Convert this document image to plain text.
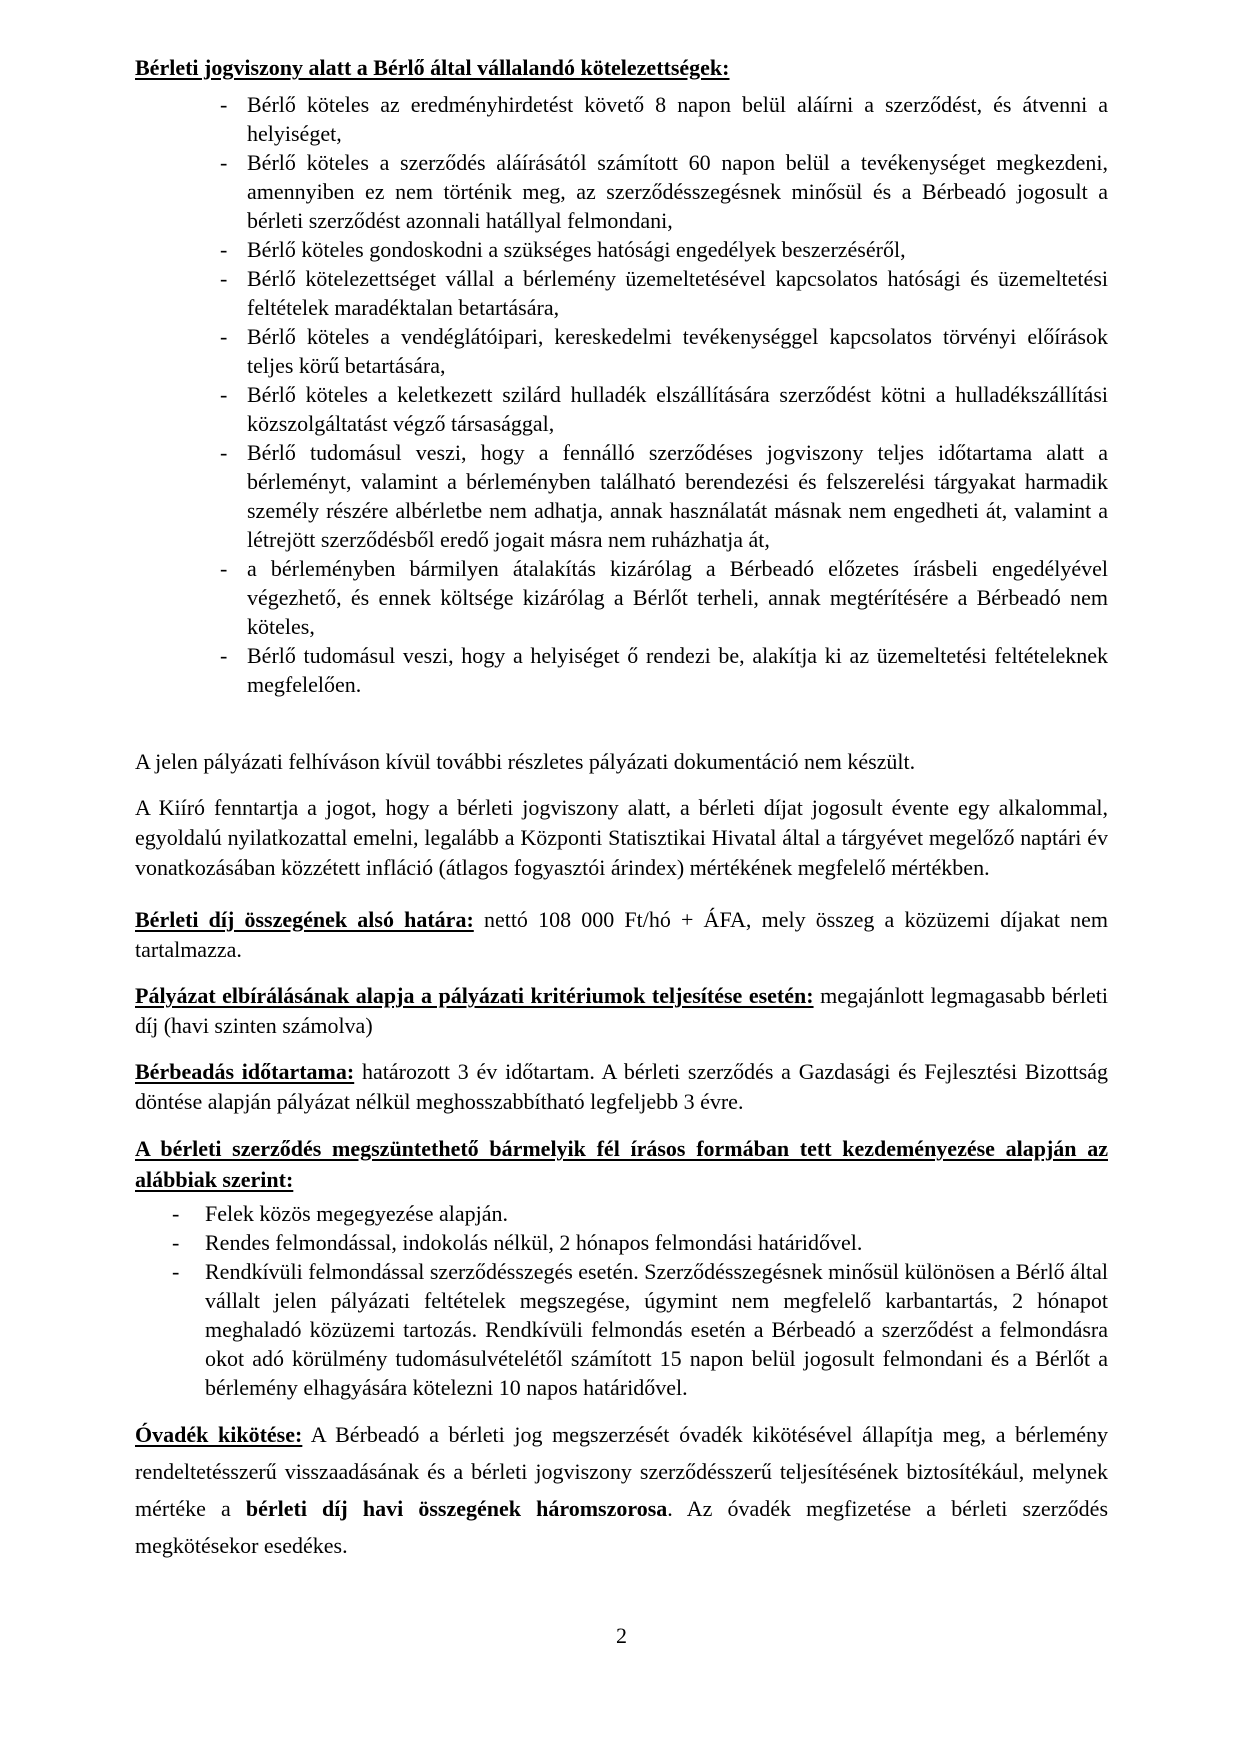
Bérleti jogviszony alatt a Bérlő által vállalandó kötelezettségek:
- Bérlő köteles az eredményhirdetést követő 8 napon belül aláírni a szerződést, és átvenni a helyiséget,
- Bérlő köteles a szerződés aláírásától számított 60 napon belül a tevékenységet megkezdeni, amennyiben ez nem történik meg, az szerződésszegésnek minősül és a Bérbeadó jogosult a bérleti szerződést azonnali hatállyal felmondani,
- Bérlő köteles gondoskodni a szükséges hatósági engedélyek beszerzéséről,
- Bérlő kötelezettséget vállal a bérlemény üzemeltetésével kapcsolatos hatósági és üzemeltetési feltételek maradéktalan betartására,
- Bérlő köteles a vendéglátóipari, kereskedelmi tevékenységgel kapcsolatos törvényi előírások teljes körű betartására,
- Bérlő köteles a keletkezett szilárd hulladék elszállítására szerződést kötni a hulladékszállítási közszolgáltatást végző társasággal,
- Bérlő tudomásul veszi, hogy a fennálló szerződéses jogviszony teljes időtartama alatt a bérleményt, valamint a bérleményben található berendezési és felszerelési tárgyakat harmadik személy részére albérletbe nem adhatja, annak használatát másnak nem engedheti át, valamint a létrejött szerződésből eredő jogait másra nem ruházhatja át,
- a bérleményben bármilyen átalakítás kizárólag a Bérbeadó előzetes írásbeli engedélyével végezhető, és ennek költsége kizárólag a Bérlőt terheli, annak megtérítésére a Bérbeadó nem köteles,
- Bérlő tudomásul veszi, hogy a helyiséget ő rendezi be, alakítja ki az üzemeltetési feltételeknek megfelelően.

A jelen pályázati felhíváson kívül további részletes pályázati dokumentáció nem készült.

A Kiíró fenntartja a jogot, hogy a bérleti jogviszony alatt, a bérleti díjat jogosult évente egy alkalommal, egyoldalú nyilatkozattal emelni, legalább a Központi Statisztikai Hivatal által a tárgyévet megelőző naptári év vonatkozásában közzétett infláció (átlagos fogyasztói árindex) mértékének megfelelő mértékben.

Bérleti díj összegének alsó határa: nettó 108 000 Ft/hó + ÁFA, mely összeg a közüzemi díjakat nem tartalmazza.

Pályázat elbírálásának alapja a pályázati kritériumok teljesítése esetén: megajánlott legmagasabb bérleti díj (havi szinten számolva)

Bérbeadás időtartama: határozott 3 év időtartam. A bérleti szerződés a Gazdasági és Fejlesztési Bizottság döntése alapján pályázat nélkül meghosszabbítható legfeljebb 3 évre.

A bérleti szerződés megszüntethető bármelyik fél írásos formában tett kezdeményezése alapján az alábbiak szerint:

- Felek közös megegyezése alapján.
- Rendes felmondással, indokolás nélkül, 2 hónapos felmondási határidővel.
- Rendkívüli felmondással szerződésszegés esetén. Szerződésszegésnek minősül különösen a Bérlő által vállalt jelen pályázati feltételek megszegése, úgymint nem megfelelő karbantartás, 2 hónapot meghaladó közüzemi tartozás. Rendkívüli felmondás esetén a Bérbeadó a szerződést a felmondásra okot adó körülmény tudomásulvételétől számított 15 napon belül jogosult felmondani és a Bérlőt a bérlemény elhagyására kötelezni 10 napos határidővel.

Óvadék kikötése: A Bérbeadó a bérleti jog megszerzését óvadék kikötésével állapítja meg, a bérlemény rendeltetésszerű visszaadásának és a bérleti jogviszony szerződésszerű teljesítésének biztosítékául, melynek mértéke a bérleti díj havi összegének háromszorosa. Az óvadék megfizetése a bérleti szerződés megkötésekor esedékes.

2
